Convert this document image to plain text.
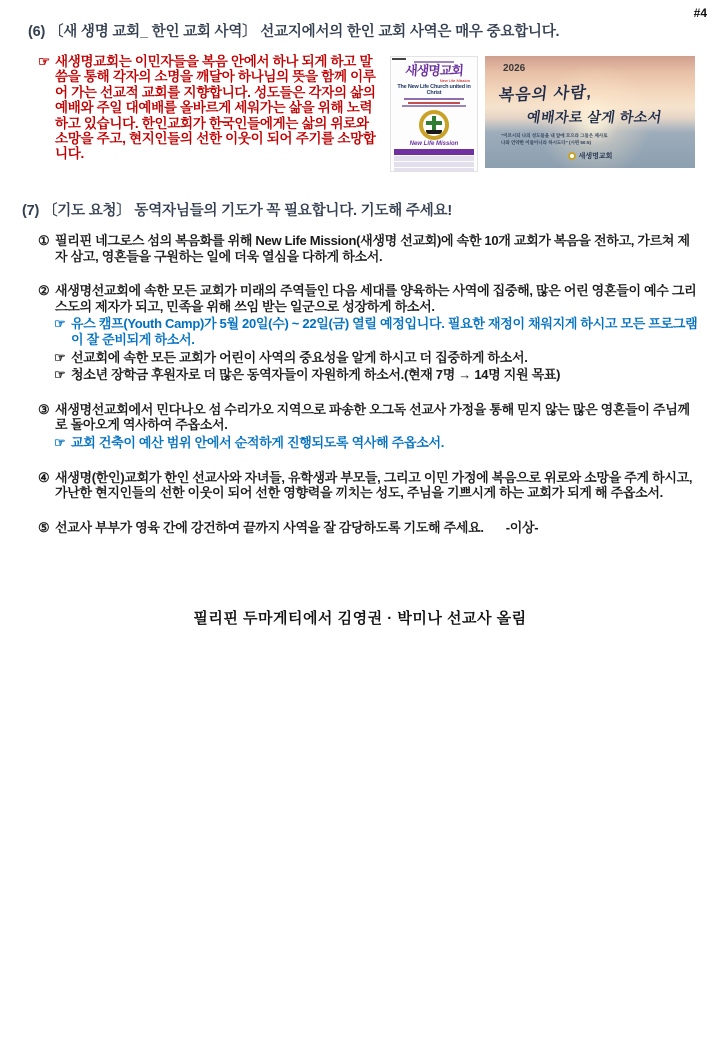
#4
(6) 〔새 생명 교회_ 한인 교회 사역〕 선교지에서의 한인 교회 사역은 매우 중요합니다.
☞ 새생명교회는 이민자들을 복음 안에서 하나 되게 하고 말씀을 통해 각자의 소명을 깨달아 하나님의 뜻을 함께 이루어 가는 선교적 교회를 지향합니다. 성도들은 각자의 삶의 예배와 주일 대예배를 올바르게 세워가는 삶을 위해 노력하고 있습니다. 한인교회가 한국인들에게는 삶의 위로와 소망을 주고, 현지인들의 선한 이웃이 되어 주기를 소망합니다.
새생명교회
New Life Mission
The New Life Church united in Christ
New Life Mission
2026
복음의 사람,
예배자로 살게 하소서
"이르시되 나의 성도들을 내 앞에 모으라 그들은 제사로
나와 언약한 이들이니라 하시도다" (시편 50:5)
새생명교회
(7) 〔기도 요청〕 동역자님들의 기도가 꼭 필요합니다. 기도해 주세요!
① 필리핀 네그로스 섬의 복음화를 위해 New Life Mission(새생명 선교회)에 속한 10개 교회가 복음을 전하고, 가르쳐 제자 삼고, 영혼들을 구원하는 일에 더욱 열심을 다하게 하소서.
② 새생명선교회에 속한 모든 교회가 미래의 주역들인 다음 세대를 양육하는 사역에 집중해, 많은 어린 영혼들이 예수 그리스도의 제자가 되고, 민족을 위해 쓰임 받는 일군으로 성장하게 하소서.
☞ 유스 캠프(Youth Camp)가 5월 20일(수) ~ 22일(금) 열릴 예정입니다. 필요한 재정이 채워지게 하시고 모든 프로그램이 잘 준비되게 하소서.
☞ 선교회에 속한 모든 교회가 어린이 사역의 중요성을 알게 하시고 더 집중하게 하소서.
☞ 청소년 장학금 후원자로 더 많은 동역자들이 자원하게 하소서.(현재 7명 → 14명 지원 목표)
③ 새생명선교회에서 민다나오 섬 수리가오 지역으로 파송한 오그독 선교사 가정을 통해 믿지 않는 많은 영혼들이 주님께로 돌아오게 역사하여 주옵소서.
☞ 교회 건축이 예산 범위 안에서 순적하게 진행되도록 역사해 주옵소서.
④ 새생명(한인)교회가 한인 선교사와 자녀들, 유학생과 부모들, 그리고 이민 가정에 복음으로 위로와 소망을 주게 하시고, 가난한 현지인들의 선한 이웃이 되어 선한 영향력을 끼치는 성도, 주님을 기쁘시게 하는 교회가 되게 해 주옵소서.
⑤ 선교사 부부가 영육 간에 강건하여 끝까지 사역을 잘 감당하도록 기도해 주세요. -이상-
필리핀 두마게티에서 김영권 · 박미나 선교사 올림
